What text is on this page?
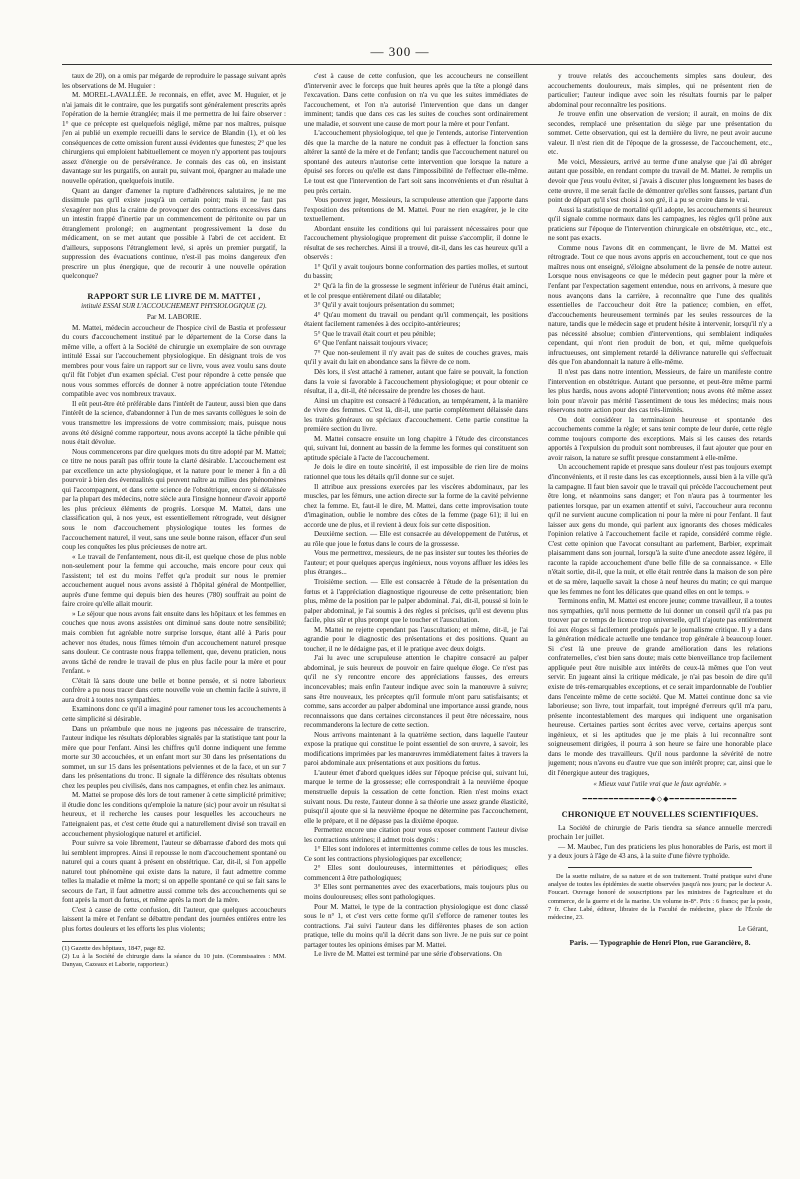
— 300 —

taux de 20), on a omis par mégarde de reproduire le passage suivant après les observations de M. Huguier :

M. MOREL-LAVALLÉE. Je reconnais, en effet, avec M. Huguier, et je n'ai jamais dit le contraire, que les purgatifs sont généralement prescrits après l'opération de la hernie étranglée; mais il me permettra de lui faire observer : 1° que ce précepte est quelquefois négligé, même par nos maîtres, puisque j'en ai publié un exemple recueilli dans le service de Blandin (1), et où les conséquences de cette omission furent aussi évidentes que funestes; 2° que les chirurgiens qui emploient habituellement ce moyen n'y apportent pas toujours assez d'énergie ou de persévérance. Je connais des cas où, en insistant davantage sur les purgatifs, on aurait pu, suivant moi, épargner au malade une nouvelle opération, quelquefois inutile.

Quant au danger d'amener la rupture d'adhérences salutaires, je ne me dissimule pas qu'il existe jusqu'à un certain point; mais il ne faut pas s'exagérer non plus la crainte de provoquer des contractions excessives dans un intestin frappé d'inertie par un commencement de péritonite ou par un étranglement prolongé; en augmentant progressivement la dose du médicament, on se met autant que possible à l'abri de cet accident. Et d'ailleurs, supposons l'étranglement levé, si après un premier purgatif, la suppression des évacuations continue, n'est-il pas moins dangereux d'en prescrire un plus énergique, que de recourir à une nouvelle opération quelconque?

RAPPORT SUR LE LIVRE DE M. MATTEI ,
intitulé ESSAI SUR L'ACCOUCHEMENT PHYSIOLOGIQUE (2).
Par M. LABORIE.

M. Mattei, médecin accoucheur de l'hospice civil de Bastia et professeur du cours d'accouchement institué par le département de la Corse dans la même ville, a offert à la Société de chirurgie un exemplaire de son ouvrage intitulé Essai sur l'accouchement physiologique. En désignant trois de vos membres pour vous faire un rapport sur ce livre, vous avez voulu sans doute qu'il fût l'objet d'un examen spécial. C'est pour répondre à cette pensée que nous vous sommes efforcés de donner à notre appréciation toute l'étendue compatible avec vos nombreux travaux.

Il eût peut-être été préférable dans l'intérêt de l'auteur, aussi bien que dans l'intérêt de la science, d'abandonner à l'un de mes savants collègues le soin de vous transmettre les impressions de votre commission; mais, puisque nous avons été désigné comme rapporteur, nous avons accepté la tâche pénible qui nous était dévolue.

Nous commencerons par dire quelques mots du titre adopté par M. Mattei; ce titre ne nous paraît pas offrir toute la clarté désirable. L'accouchement est par excellence un acte physiologique, et la nature pour le mener à fin a dû pourvoir à bien des éventualités qui peuvent naître au milieu des phénomènes qui l'accompagnent, et dans cette science de l'obstétrique, encore si délaissée par la plupart des médecins, notre siècle aura l'insigne honneur d'avoir apporté les plus précieux éléments de progrès. Lorsque M. Mattei, dans une classification qui, à nos yeux, est essentiellement rétrograde, veut désigner sous le nom d'accouchement physiologique toutes les formes de l'accouchement naturel, il veut, sans une seule bonne raison, effacer d'un seul coup les conquêtes les plus précieuses de notre art.

« Le travail de l'enfantement, nous dit-il, est quelque chose de plus noble non-seulement pour la femme qui accouche, mais encore pour ceux qui l'assistent; tel est du moins l'effet qu'a produit sur nous le premier accouchement auquel nous avons assisté à l'hôpital général de Montpellier, auprès d'une femme qui depuis bien des heures (780) souffrait au point de faire croire qu'elle allait mourir.

» Le séjour que nous avons fait ensuite dans les hôpitaux et les femmes en couches que nous avons assistées ont diminué sans doute notre sensibilité; mais combien fut agréable notre surprise lorsque, étant allé à Paris pour achever nos études, nous fûmes témoin d'un accouchement naturel presque sans douleur. Ce contraste nous frappa tellement, que, devenu praticien, nous avons tâché de rendre le travail de plus en plus facile pour la mère et pour l'enfant. »

C'était là sans doute une belle et bonne pensée, et si notre laborieux confrère a pu nous tracer dans cette nouvelle voie un chemin facile à suivre, il aura droit à toutes nos sympathies.

Examinons donc ce qu'il a imaginé pour ramener tous les accouchements à cette simplicité si désirable.

Dans un préambule que nous ne jugeons pas nécessaire de transcrire, l'auteur indique les résultats déplorables signalés par la statistique tant pour la mère que pour l'enfant. Ainsi les chiffres qu'il donne indiquent une femme morte sur 30 accouchées, et un enfant mort sur 30 dans les présentations du sommet, un sur 15 dans les présentations pelviennes et de la face, et un sur 7 dans les présentations du tronc. Il signale la différence des résultats obtenus chez les peuples peu civilisés, dans nos campagnes, et enfin chez les animaux.

M. Mattei se propose dès lors de tout ramener à cette simplicité primitive; il étudie donc les conditions qu'emploie la nature (sic) pour avoir un résultat si heureux, et il recherche les causes pour lesquelles les accoucheurs ne l'atteignaient pas, et c'est cette étude qui a naturellement divisé son travail en accouchement physiologique naturel et artificiel.

Pour suivre sa voie librement, l'auteur se débarrasse d'abord des mots qui lui semblent impropres. Ainsi il repousse le nom d'accouchement spontané ou naturel qui a cours quant à présent en obstétrique. Car, dit-il, si l'on appelle naturel tout phénomène qui existe dans la nature, il faut admettre comme telles la maladie et même la mort; si on appelle spontané ce qui se fait sans le secours de l'art, il faut admettre aussi comme tels des accouchements qui se font après la mort du fœtus, et même après la mort de la mère.

C'est à cause de cette confusion, dit l'auteur, que quelques accoucheurs laissent la mère et l'enfant se débattre pendant des journées entières entre les plus fortes douleurs et les efforts les plus violents;

(1) Gazette des hôpitaux, 1847, page 82.

(2) Lu à la Société de chirurgie dans la séance du 10 juin. (Commissaires : MM. Danyau, Cazeaux et Laborie, rapporteur.)

c'est à cause de cette confusion, que les accoucheurs ne conseillent d'intervenir avec le forceps que huit heures après que la tête a plongé dans l'excavation. Dans cette confusion on n'a vu que les suites immédiates de l'accouchement, et l'on n'a autorisé l'intervention que dans un danger imminent; tandis que dans ces cas les suites de couches sont ordinairement une maladie, et souvent une cause de mort pour la mère et pour l'enfant.

L'accouchement physiologique, tel que je l'entends, autorise l'intervention dès que la marche de la nature ne conduit pas à effectuer la fonction sans altérer la santé de la mère et de l'enfant; tandis que l'accouchement naturel ou spontané des auteurs n'autorise cette intervention que lorsque la nature a épuisé ses forces ou qu'elle est dans l'impossibilité de l'effectuer elle-même. Le tout est que l'intervention de l'art soit sans inconvénients et d'un résultat à peu près certain.

Vous pouvez juger, Messieurs, la scrupuleuse attention que j'apporte dans l'exposition des prétentions de M. Mattei. Pour ne rien exagérer, je le cite textuellement.

Abordant ensuite les conditions qui lui paraissent nécessaires pour que l'accouchement physiologique proprement dit puisse s'accomplir, il donne le résultat de ses recherches. Ainsi il a trouvé, dit-il, dans les cas heureux qu'il a observés :

1° Qu'il y avait toujours bonne conformation des parties molles, et surtout du bassin;

2° Qu'à la fin de la grossesse le segment inférieur de l'utérus était aminci, et le col presque entièrement dilaté ou dilatable;

3° Qu'il y avait toujours présentation du sommet;

4° Qu'au moment du travail ou pendant qu'il commençait, les positions étaient facilement ramenées à des occipito-antérieures;

5° Que le travail était court et peu pénible;

6° Que l'enfant naissait toujours vivace;

7° Que non-seulement il n'y avait pas de suites de couches graves, mais qu'il y avait du lait en abondance sans la fièvre de ce nom.

Dès lors, il s'est attaché à ramener, autant que faire se pouvait, la fonction dans la voie si favorable à l'accouchement physiologique; et pour obtenir ce résultat, il a, dit-il, été nécessaire de prendre les choses de haut.

Ainsi un chapitre est consacré à l'éducation, au tempérament, à la manière de vivre des femmes. C'est là, dit-il, une partie complètement délaissée dans les traités généraux ou spéciaux d'accouchement. Cette partie constitue la première section du livre.

M. Mattei consacre ensuite un long chapitre à l'étude des circonstances qui, suivant lui, donnent au bassin de la femme les formes qui constituent son aptitude spéciale à l'acte de l'accouchement.

Je dois le dire en toute sincérité, il est impossible de rien lire de moins rationnel que tous les détails qu'il donne sur ce sujet.

Il attribue aux pressions exercées par les viscères abdominaux, par les muscles, par les fémurs, une action directe sur la forme de la cavité pelvienne chez la femme. Et, faut-il le dire, M. Mattei, dans cette improvisation toute d'imagination, oublie le nombre des côtes de la femme (page 61); il lui en accorde une de plus, et il revient à deux fois sur cette disposition.

Deuxième section. — Elle est consacrée au développement de l'utérus, et au rôle que joue le fœtus dans le cours de la grossesse.

Vous me permettrez, messieurs, de ne pas insister sur toutes les théories de l'auteur; et pour quelques aperçus ingénieux, nous voyons affluer les idées les plus étranges...

Troisième section. — Elle est consacrée à l'étude de la présentation du fœtus et à l'appréciation diagnostique rigoureuse de cette présentation; bien plus, même de la position par le palper abdominal. J'ai, dit-il, poussé si loin le palper abdominal, je l'ai soumis à des règles si précises, qu'il est devenu plus facile, plus sûr et plus prompt que le toucher et l'auscultation.

M. Mattei ne rejette cependant pas l'auscultation; et même, dit-il, je l'ai agrandie pour le diagnostic des présentations et des positions. Quant au toucher, il ne le dédaigne pas, et il le pratique avec deux doigts.

J'ai lu avec une scrupuleuse attention le chapitre consacré au palper abdominal, je suis heureux de pouvoir en faire quelque éloge. Ce n'est pas qu'il ne s'y rencontre encore des appréciations fausses, des erreurs inconcevables; mais enfin l'auteur indique avec soin la manœuvre à suivre; sans être nouveaux, les préceptes qu'il formule m'ont paru satisfaisants; et comme, sans accorder au palper abdominal une importance aussi grande, nous reconnaissons que dans certaines circonstances il peut être nécessaire, nous recommanderons la lecture de cette section.

Nous arrivons maintenant à la quatrième section, dans laquelle l'auteur expose la pratique qui constitue le point essentiel de son œuvre, à savoir, les modifications imprimées par les manœuvres immédiatement faites à travers la paroi abdominale aux présentations et aux positions du fœtus.

L'auteur émet d'abord quelques idées sur l'époque précise qui, suivant lui, marque le terme de la grossesse; elle correspondrait à la neuvième époque menstruelle depuis la cessation de cette fonction. Rien n'est moins exact suivant nous. Du reste, l'auteur donne à sa théorie une assez grande élasticité, puisqu'il ajoute que si la neuvième époque ne détermine pas l'accouchement, elle le prépare, et il ne dépasse pas la dixième époque.

Permettez encore une citation pour vous exposer comment l'auteur divise les contractions utérines; il admet trois degrés :

1° Elles sont indolores et intermittentes comme celles de tous les muscles. Ce sont les contractions physiologiques par excellence;

2° Elles sont douloureuses, intermittentes et périodiques; elles commencent à être pathologiques;

3° Elles sont permanentes avec des exacerbations, mais toujours plus ou moins douloureuses; elles sont pathologiques.

Pour M. Mattei, le type de la contraction physiologique est donc classé sous le n° 1, et c'est vers cette forme qu'il s'efforce de ramener toutes les contractions. J'ai suivi l'auteur dans les différentes phases de son action pratique, telle du moins qu'il la décrit dans son livre. Je ne puis sur ce point partager toutes les opinions émises par M. Mattei.

Le livre de M. Mattei est terminé par une série d'observations. On

y trouve relatés des accouchements simples sans douleur, des accouchements douloureux, mais simples, qui ne présentent rien de particulier; l'auteur indique avec soin les résultats fournis par le palper abdominal pour reconnaître les positions.

Je trouve enfin une observation de version; il aurait, en moins de dix secondes, remplacé une présentation du siège par une présentation du sommet. Cette observation, qui est la dernière du livre, ne peut avoir aucune valeur. Il n'est rien dit de l'époque de la grossesse, de l'accouchement, etc., etc.

Me voici, Messieurs, arrivé au terme d'une analyse que j'ai dû abréger autant que possible, en rendant compte du travail de M. Mattei. Je remplis un devoir que j'eus voulu éviter, si j'avais à discuter plus longuement les bases de cette œuvre, il me serait facile de démontrer qu'elles sont fausses, partant d'un point de départ qu'il s'est choisi à son gré, il a pu se croire dans le vrai.

Aussi la statistique de mortalité qu'il adopte, les accouchements si heureux qu'il signale comme normaux dans les campagnes, les règles qu'il prône aux praticiens sur l'époque de l'intervention chirurgicale en obstétrique, etc., etc., ne sont pas exacts.

Comme nous l'avons dit en commençant, le livre de M. Mattei est rétrograde. Tout ce que nous avons appris en accouchement, tout ce que nos maîtres nous ont enseigné, s'éloigne absolument de la pensée de notre auteur. Lorsque nous envisageons ce que le médecin peut gagner pour la mère et l'enfant par l'expectation sagement entendue, nous en arrivons, à mesure que nous avançons dans la carrière, à reconnaître que l'une des qualités essentielles de l'accoucheur doit être la patience; combien, en effet, d'accouchements heureusement terminés par les seules ressources de la nature, tandis que le médecin sage et prudent hésite à intervenir, lorsqu'il n'y a pas nécessité absolue; combien d'interventions, qui semblaient indiquées cependant, qui n'ont rien produit de bon, et qui, même quelquefois infructueuses, ont simplement retardé la délivrance naturelle qui s'effectuait dès que l'on abandonnait la nature à elle-même.

Il n'est pas dans notre intention, Messieurs, de faire un manifeste contre l'intervention en obstétrique. Autant que personne, et peut-être même parmi les plus hardis, nous avons adopté l'intervention; nous avons été même assez loin pour n'avoir pas mérité l'assentiment de tous les médecins; mais nous réservons notre action pour des cas très-limités.

On doit considérer la terminaison heureuse et spontanée des accouchements comme la règle; et sans tenir compte de leur durée, cette règle comme toujours comporte des exceptions. Mais si les causes des retards apportés à l'expulsion du produit sont nombreuses, il faut ajouter que pour en avoir raison, la nature se suffit presque constamment à elle-même.

Un accouchement rapide et presque sans douleur n'est pas toujours exempt d'inconvénients, et il reste dans les cas exceptionnels, aussi bien à la ville qu'à la campagne. Il faut bien savoir que le travail qui précède l'accouchement peut être long, et néanmoins sans danger; et l'on n'aura pas à tourmenter les patientes lorsque, par un examen attentif et suivi, l'accoucheur aura reconnu qu'il ne survient aucune complication ni pour la mère ni pour l'enfant. Il faut laisser aux gens du monde, qui parlent aux ignorants des choses médicales l'opinion relative à l'accouchement facile et rapide, considéré comme règle. C'est cette opinion que l'avocat consultant au parlement, Barbier, exprimait plaisamment dans son journal, lorsqu'à la suite d'une anecdote assez légère, il raconte la rapide accouchement d'une belle fille de sa connaissance. « Elle n'était sortie, dit-il, que la nuit, et elle était rentrée dans la maison de son père et de sa mère, laquelle savait la chose à neuf heures du matin; ce qui marque que les femmes ne font les délicates que quand elles en ont le temps. »

Terminons enfin, M. Mattei est encore jeune; comme travailleur, il a toutes nos sympathies, qu'il nous permette de lui donner un conseil qu'il n'a pas pu trouver par ce temps de licence trop universelle, qu'il n'ajoute pas entièrement foi aux éloges si facilement prodigués par le journalisme critique. Il y a dans la génération médicale actuelle une tendance trop générale à beaucoup louer. Si c'est là une preuve de grande amélioration dans les relations confraternelles, c'est bien sans doute; mais cette bienveillance trop facilement appliquée peut être nuisible aux intérêts de ceux-là mêmes que l'on veut servir. En jugeant ainsi la critique médicale, je n'ai pas besoin de dire qu'il existe de très-remarquables exceptions, et ce serait impardonnable de l'oublier dans l'enceinte même de cette société. Que M. Mattei continue donc sa vie laborieuse; son livre, tout imparfait, tout imprégné d'erreurs qu'il m'a paru, présente incontestablement des marques qui indiquent une organisation heureuse. Certaines parties sont écrites avec verve, certains aperçus sont ingénieux, et si les aptitudes que je me plais à lui reconnaître sont soigneusement dirigées, il pourra à son heure se faire une honorable place dans le monde des travailleurs. Qu'il nous pardonne la sévérité de notre jugement; nous n'avons eu d'autre vue que son intérêt propre; car, ainsi que le dit l'énergique auteur des tragiques,

« Mieux vaut l'utile vrai que le faux agréable. »
━━━━━━━━━━━━━◆◇◆━━━━━━━━━━━━━
CHRONIQUE ET NOUVELLES SCIENTIFIQUES.

La Société de chirurgie de Paris tiendra sa séance annuelle mercredi prochain 1er juillet.

— M. Maubec, l'un des praticiens les plus honorables de Paris, est mort il y a deux jours à l'âge de 43 ans, à la suite d'une fièvre typhoïde.

De la suette miliaire, de sa nature et de son traitement. Traité pratique suivi d'une analyse de toutes les épidémies de suette observées jusqu'à nos jours; par le docteur A. Foucart. Ouvrage honoré de souscriptions par les ministres de l'agriculture et du commerce, de la guerre et de la marine. Un volume in-8°. Prix : 6 francs; par la poste, 7 fr. Chez Labé, éditeur, libraire de la Faculté de médecine, place de l'École de médecine, 23.

Le Gérant,
Paris. — Typographie de Henri Plon, rue Garancière, 8.
